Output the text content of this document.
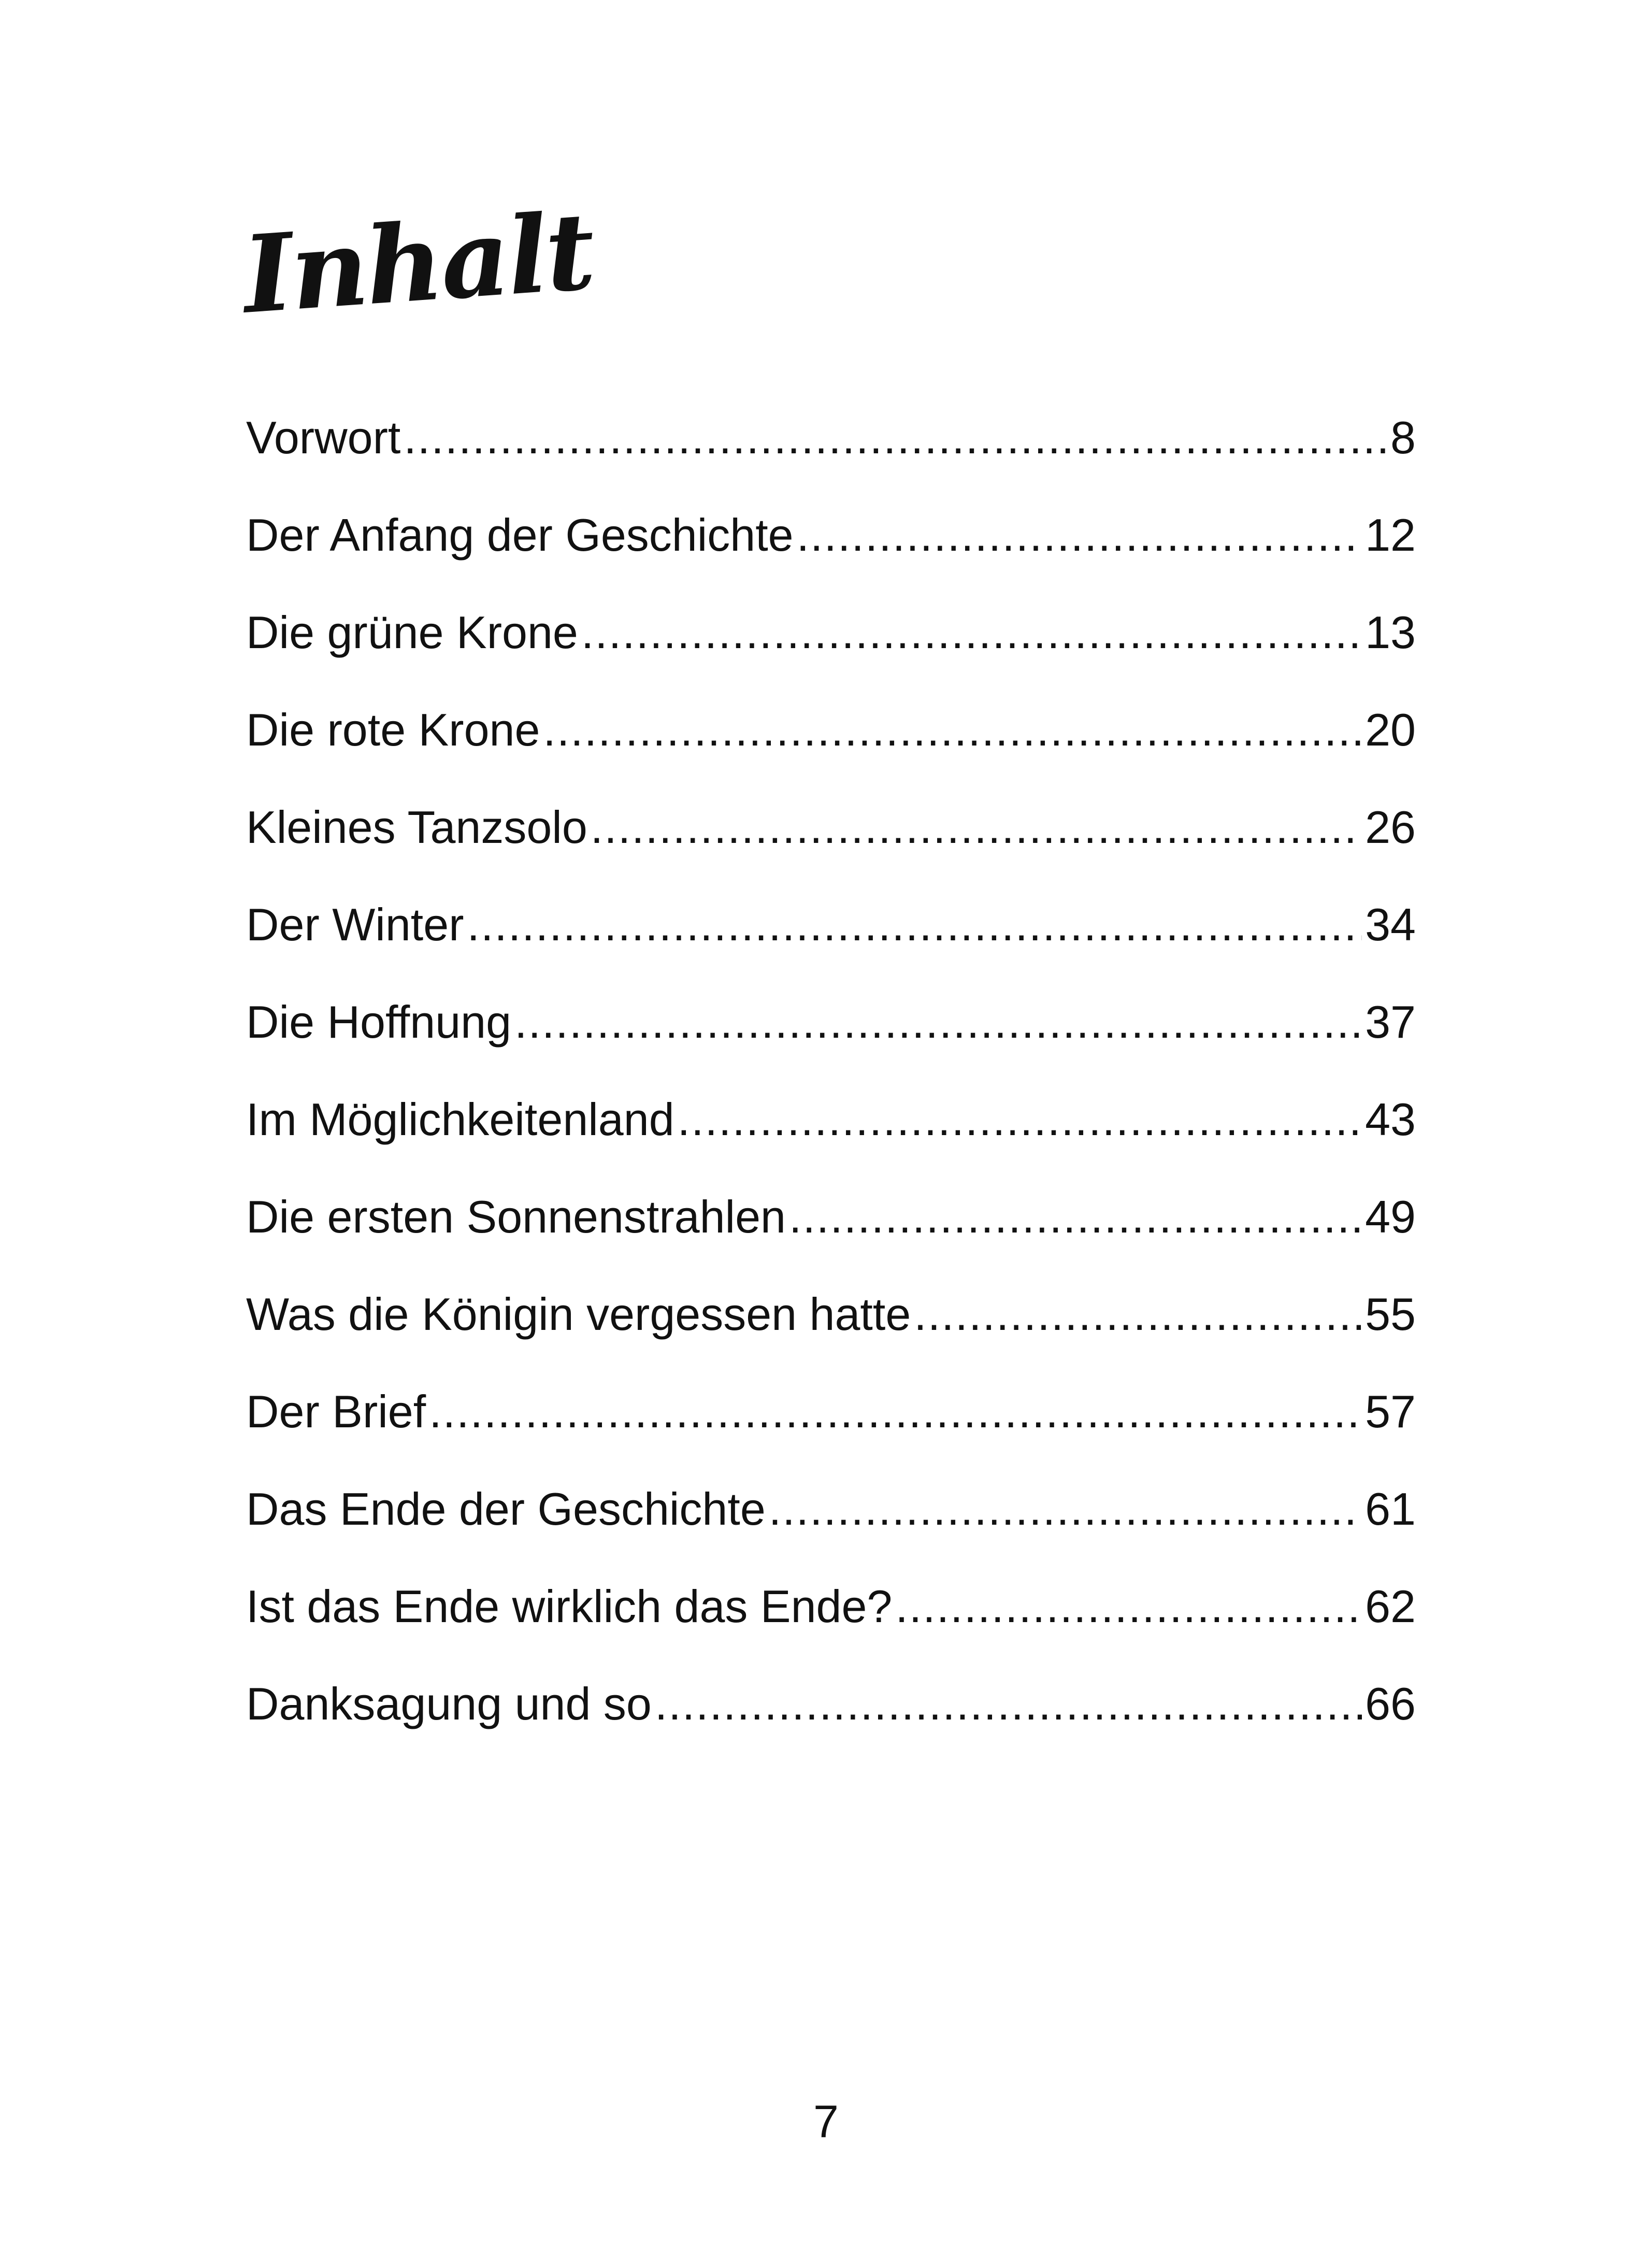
Inhalt
Vorwort .....	8
Der Anfang der Geschichte .....	12
Die grüne Krone .....	13
Die rote Krone .....	20
Kleines Tanzsolo .....	26
Der Winter .....	34
Die Hoffnung .....	37
Im Möglichkeitenland .....	43
Die ersten Sonnenstrahlen .....	49
Was die Königin vergessen hatte .....	55
Der Brief .....	57
Das Ende der Geschichte .....	61
Ist das Ende wirklich das Ende? .....	62
Danksagung und so .....	66
7
